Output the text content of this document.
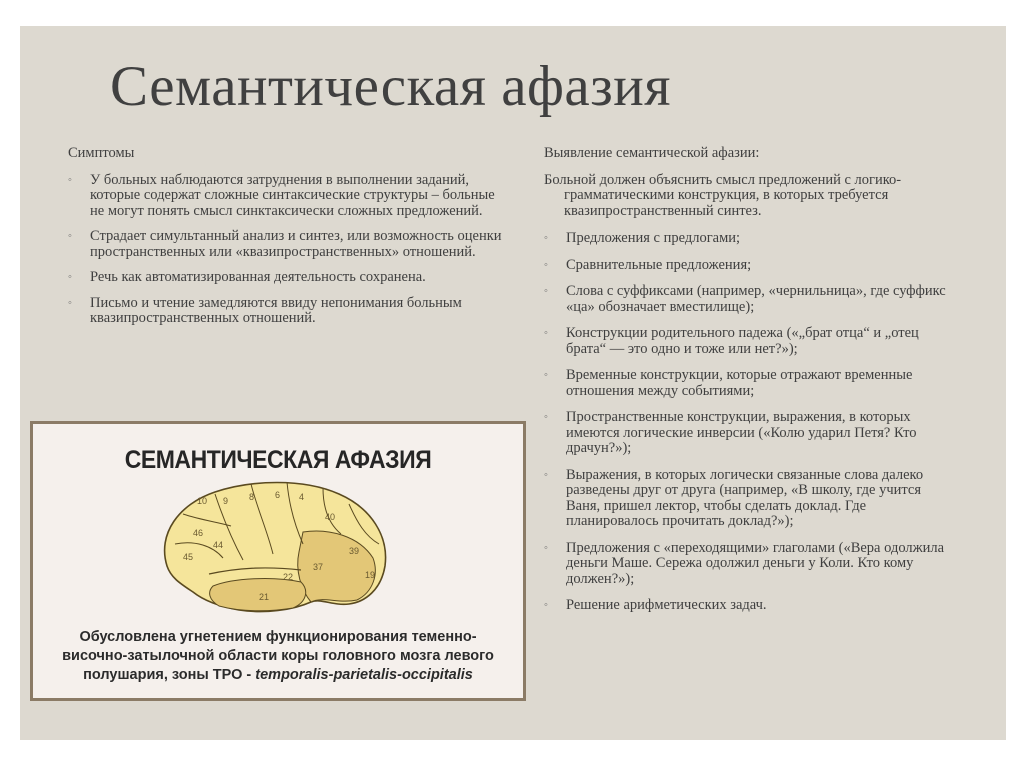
Семантическая афазия

Симптомы

◦ У больных наблюдаются затруднения в выполнении заданий, которые содержат сложные синтаксические структуры – больные не могут понять смысл синктаксически сложных предложений.
◦ Страдает симультанный анализ и синтез, или возможность оценки пространственных или «квазипространственных» отношений.
◦ Речь как автоматизированная деятельность сохранена.
◦ Письмо и чтение замедляются ввиду непонимания больным квазипространственных отношений.
СЕМАНТИЧЕСКАЯ АФАЗИЯ
10 9 8 6 4
46
44
45
40
39
19
37
21
22
Обусловлена угнетением функционирования теменно-
височно-затылочной области коры головного мозга левого
полушария, зоны ТРО - temporalis-parietalis-occipitalis

Выявление семантической афазии:

Больной должен объяснить смысл предложений с логико-грамматическими конструкция, в которых требуется квазипространственный синтез.

◦ Предложения с предлогами;
◦ Сравнительные предложения;
◦ Слова с суффиксами (например, «чернильница», где суффикс «ца» обозначает вместилище);
◦ Конструкции родительного падежа («„брат отца“ и „отец брата“ — это одно и тоже или нет?»);
◦ Временные конструкции, которые отражают временные отношения между событиями;
◦ Пространственные конструкции, выражения, в которых имеются логические инверсии («Колю ударил Петя? Кто драчун?»);
◦ Выражения, в которых логически связанные слова далеко разведены друг от друга (например, «В школу, где учится Ваня, пришел лектор, чтобы сделать доклад. Где планировалось прочитать доклад?»);
◦ Предложения с «переходящими» глаголами («Вера одолжила деньги Маше. Сережа одолжил деньги у Коли. Кто кому должен?»);
◦ Решение арифметических задач.
